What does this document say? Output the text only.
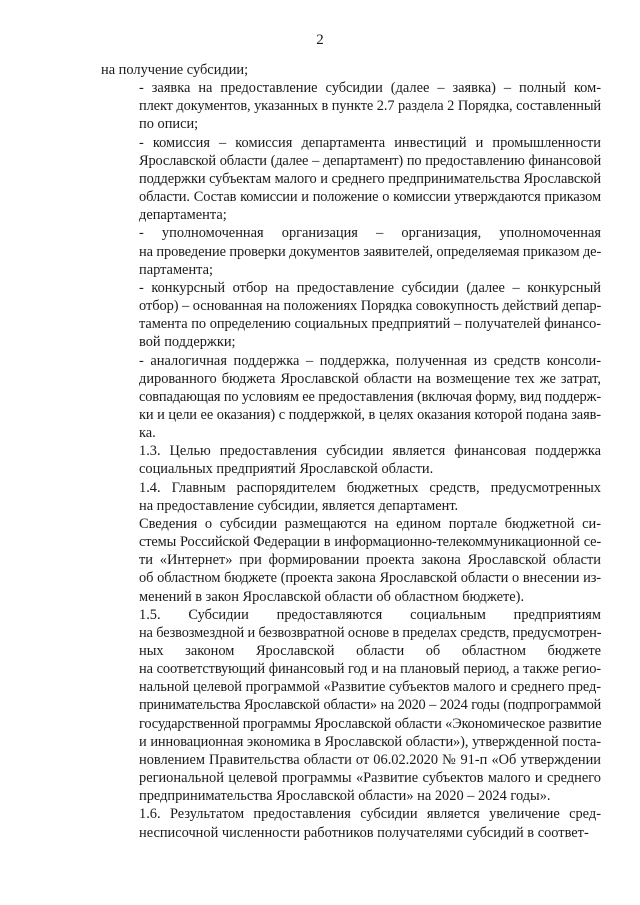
2
на получение субсидии;
- заявка на предоставление субсидии (далее – заявка) – полный ком-
плект документов, указанных в пункте 2.7 раздела 2 Порядка, составленный
по описи;
- комиссия – комиссия департамента инвестиций и промышленности
Ярославской области (далее – департамент) по предоставлению финансовой
поддержки субъектам малого и среднего предпринимательства Ярославской
области. Состав комиссии и положение о комиссии утверждаются приказом
департамента;
- уполномоченная организация – организация, уполномоченная
на проведение проверки документов заявителей, определяемая приказом де-
партамента;
- конкурсный отбор на предоставление субсидии (далее – конкурсный
отбор) – основанная на положениях Порядка совокупность действий депар-
тамента по определению социальных предприятий – получателей финансо-
вой поддержки;
- аналогичная поддержка – поддержка, полученная из средств консоли-
дированного бюджета Ярославской области на возмещение тех же затрат,
совпадающая по условиям ее предоставления (включая форму, вид поддерж-
ки и цели ее оказания) с поддержкой, в целях оказания которой подана заяв-
ка.
1.3. Целью предоставления субсидии является финансовая поддержка
социальных предприятий Ярославской области.
1.4. Главным распорядителем бюджетных средств, предусмотренных
на предоставление субсидии, является департамент.
Сведения о субсидии размещаются на едином портале бюджетной си-
стемы Российской Федерации в информационно-телекоммуникационной се-
ти «Интернет» при формировании проекта закона Ярославской области
об областном бюджете (проекта закона Ярославской области о внесении из-
менений в закон Ярославской области об областном бюджете).
1.5. Субсидии предоставляются социальным предприятиям
на безвозмездной и безвозвратной основе в пределах средств, предусмотрен-
ных законом Ярославской области об областном бюджете
на соответствующий финансовый год и на плановый период, а также регио-
нальной целевой программой «Развитие субъектов малого и среднего пред-
принимательства Ярославской области» на 2020 – 2024 годы (подпрограммой
государственной программы Ярославской области «Экономическое развитие
и инновационная экономика в Ярославской области»), утвержденной поста-
новлением Правительства области от 06.02.2020 № 91-п «Об утверждении
региональной целевой программы «Развитие субъектов малого и среднего
предпринимательства Ярославской области» на 2020 – 2024 годы».
1.6. Результатом предоставления субсидии является увеличение сред-
несписочной численности работников получателями субсидий в соответ-
